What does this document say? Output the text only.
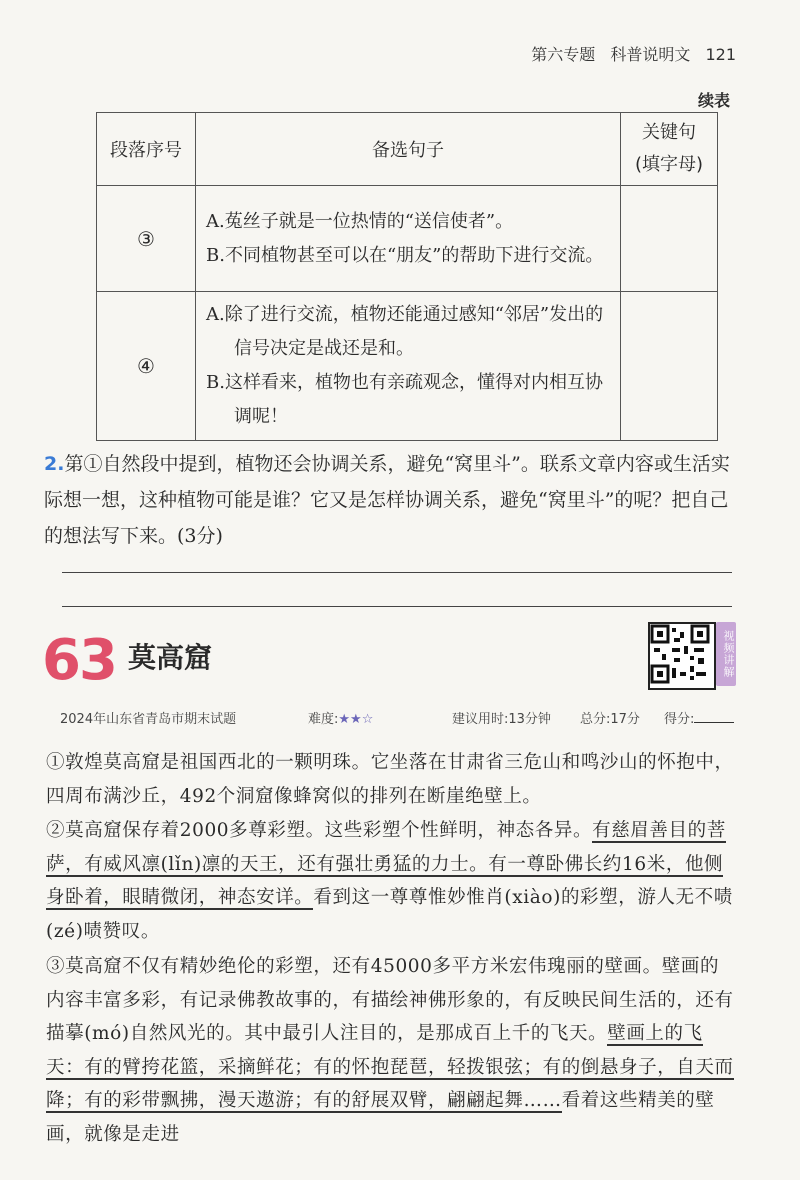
第六专题 科普说明文 121
续表
段落序号	备选句子	关键句
(填字母)

③	A.菟丝子就是一位热情的“送信使者”。
B.不同植物甚至可以在“朋友”的帮助下进行交流。	

④	A.除了进行交流，植物还能通过感知“邻居”发出的信号决定是战还是和。
B.这样看来，植物也有亲疏观念，懂得对内相互协调呢！	

2.第①自然段中提到，植物还会协调关系，避免“窝里斗”。联系文章内容或生活实际想一想，这种植物可能是谁？它又是怎样协调关系，避免“窝里斗”的呢？把自己的想法写下来。(3分)
63 莫高窟	视频讲解
2024年山东省青岛市期末试题	难度:★★☆	建议用时:13分钟 总分:17分 得分:
①敦煌莫高窟是祖国西北的一颗明珠。它坐落在甘肃省三危山和鸣沙山的怀抱中，四周布满沙丘，492个洞窟像蜂窝似的排列在断崖绝壁上。
②莫高窟保存着2000多尊彩塑。这些彩塑个性鲜明，神态各异。有慈眉善目的菩萨，有威风凛(lǐn)凛的天王，还有强壮勇猛的力士。有一尊卧佛长约16米，他侧身卧着，眼睛微闭，神态安详。看到这一尊尊惟妙惟肖(xiào)的彩塑，游人无不啧(zé)啧赞叹。
③莫高窟不仅有精妙绝伦的彩塑，还有45000多平方米宏伟瑰丽的壁画。壁画的内容丰富多彩，有记录佛教故事的，有描绘神佛形象的，有反映民间生活的，还有描摹(mó)自然风光的。其中最引人注目的，是那成百上千的飞天。壁画上的飞天：有的臂挎花篮，采摘鲜花；有的怀抱琵琶，轻拨银弦；有的倒悬身子，自天而降；有的彩带飘拂，漫天遨游；有的舒展双臂，翩翩起舞……看着这些精美的壁画，就像是走进
